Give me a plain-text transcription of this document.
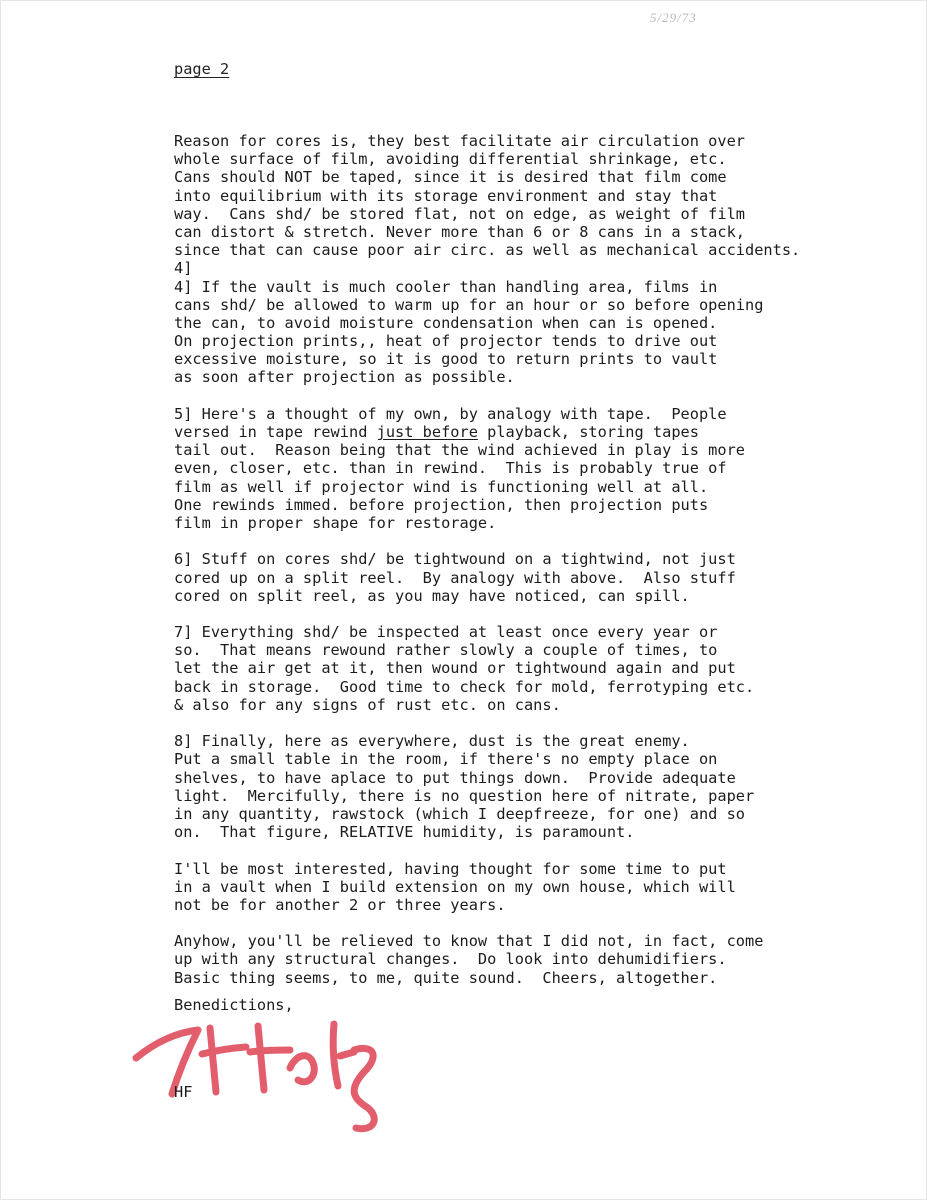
5/29/73
page 2
Reason for cores is, they best facilitate air circulation over
whole surface of film, avoiding differential shrinkage, etc.
Cans should NOT be taped, since it is desired that film come
into equilibrium with its storage environment and stay that
way.  Cans shd/ be stored flat, not on edge, as weight of film
can distort & stretch. Never more than 6 or 8 cans in a stack,
since that can cause poor air circ. as well as mechanical accidents.
4]
4] If the vault is much cooler than handling area, films in
cans shd/ be allowed to warm up for an hour or so before opening
the can, to avoid moisture condensation when can is opened.
On projection prints,, heat of projector tends to drive out
excessive moisture, so it is good to return prints to vault
as soon after projection as possible.
5] Here's a thought of my own, by analogy with tape.  People
versed in tape rewind just before playback, storing tapes
tail out.  Reason being that the wind achieved in play is more
even, closer, etc. than in rewind.  This is probably true of
film as well if projector wind is functioning well at all.
One rewinds immed. before projection, then projection puts
film in proper shape for restorage.
6] Stuff on cores shd/ be tightwound on a tightwind, not just
cored up on a split reel.  By analogy with above.  Also stuff
cored on split reel, as you may have noticed, can spill.
7] Everything shd/ be inspected at least once every year or
so.  That means rewound rather slowly a couple of times, to
let the air get at it, then wound or tightwound again and put
back in storage.  Good time to check for mold, ferrotyping etc.
& also for any signs of rust etc. on cans.
8] Finally, here as everywhere, dust is the great enemy.
Put a small table in the room, if there's no empty place on
shelves, to have aplace to put things down.  Provide adequate
light.  Mercifully, there is no question here of nitrate, paper
in any quantity, rawstock (which I deepfreeze, for one) and so
on.  That figure, RELATIVE humidity, is paramount.
I'll be most interested, having thought for some time to put
in a vault when I build extension on my own house, which will
not be for another 2 or three years.
Anyhow, you'll be relieved to know that I did not, in fact, come
up with any structural changes.  Do look into dehumidifiers.
Basic thing seems, to me, quite sound.  Cheers, altogether.
Benedictions,
HF
